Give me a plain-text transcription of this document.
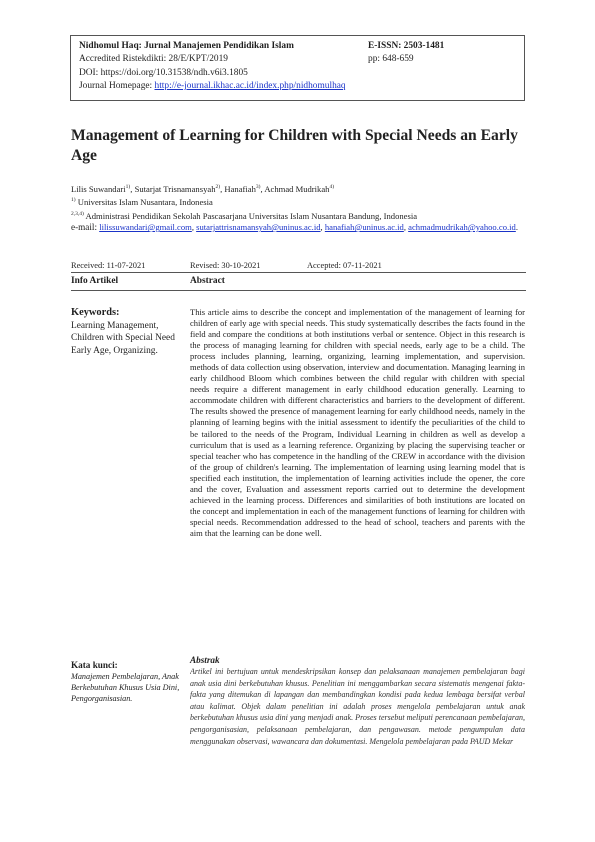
Nidhomul Haq: Jurnal Manajemen Pendidikan Islam	E-ISSN: 2503-1481
Accredited Ristekdikti: 28/E/KPT/2019	pp: 648-659
DOI: https://doi.org/10.31538/ndh.v6i3.1805
Journal Homepage: http://e-journal.ikhac.ac.id/index.php/nidhomulhaq
Management of Learning for Children with Special Needs an Early Age
Lilis Suwandari$^{1)}$, Sutarjat Trisnamansyah$^{2)}$, Hanafiah$^{3)}$, Achmad Mudrikah$^{4)}$
$^{1)}$ Universitas Islam Nusantara, Indonesia
$^{2,3,4)}$ Administrasi Pendidikan Sekolah Pascasarjana Universitas Islam Nusantara Bandung, Indonesia
e-mail: lilissuwandari@gmail.com, sutarjattrisnamansyah@uninus.ac.id, hanafiah@uninus.ac.id, achmadmudrikah@yahoo.co.id.
Received: 11-07-2021	Revised: 30-10-2021	Accepted: 07-11-2021
Info Artikel	Abstract
Keywords:
Learning Management, Children with Special Need Early Age, Organizing.
This article aims to describe the concept and implementation of the management of learning for children of early age with special needs. This study systematically describes the facts found in the field and compare the conditions at both institutions verbal or sentence. Object in this research is the process of managing learning for children with special needs, early age to be a child. The process includes planning, learning, organizing, learning implementation, and supervision. methods of data collection using observation, interview and documentation. Managing learning in early childhood Bloom which combines between the child regular with children with special needs require a different management in early childhood education generally. Learning to accommodate children with different characteristics and barriers to the development of different. The results showed the presence of management learning for early childhood needs, namely in the planning of learning begins with the initial assessment to identify the peculiarities of the child to be tailored to the needs of the Program, Individual Learning in children as well as develop a curriculum that is used as a learning reference. Organizing by placing the supervising teacher or special teacher who has competence in the handling of the CREW in accordance with the division of the group of children's learning. The implementation of learning using learning model that is specified each institution, the implementation of learning activities include the opener, the core and the cover, Evaluation and assessment reports carried out to determine the development achieved in the learning process. Differences and similarities of both institutions are located on the concept and implementation in each of the management functions of learning for children with special needs. Recommendation addressed to the head of school, teachers and parents with the aim that the learning can be done well.
Kata kunci:
Manajemen Pembelajaran, Anak Berkebutuhan Khusus Usia Dini, Pengorganisasian.
Abstrak
Artikel ini bertujuan untuk mendeskripsikan konsep dan pelaksanaan manajemen pembelajaran bagi anak usia dini berkebutuhan khusus. Penelitian ini menggambarkan secara sistematis mengenai fakta-fakta yang ditemukan di lapangan dan membandingkan kondisi pada kedua lembaga bersifat verbal atau kalimat. Objek dalam penelitian ini adalah proses mengelola pembelajaran untuk anak berkebutuhan khusus usia dini yang menjadi anak. Proses tersebut meliputi perencanaan pembelajaran, pengorganisasian, pelaksanaan pembelajaran, dan pengawasan. metode pengumpulan data menggunakan observasi, wawancara dan dokumentasi. Mengelola pembelajaran pada PAUD Mekar
